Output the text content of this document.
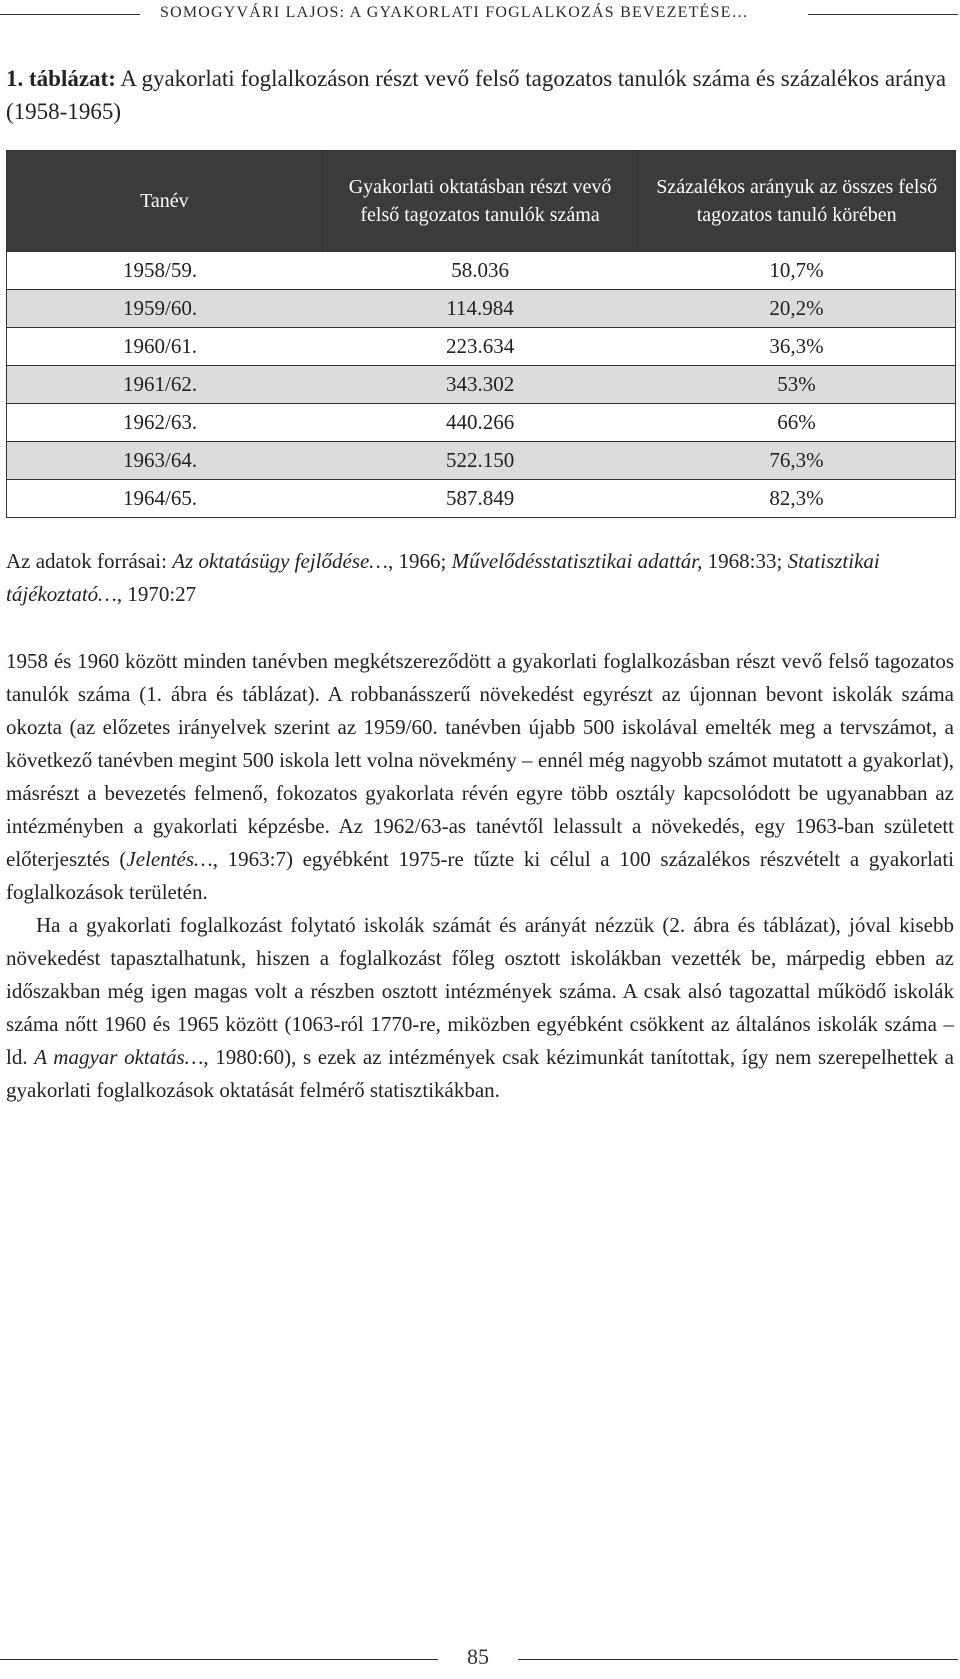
SOMOGYVÁRI LAJOS: A GYAKORLATI FOGLALKOZÁS BEVEZETÉSE…
1. táblázat: A gyakorlati foglalkozáson részt vevő felső tagozatos tanulók száma és százalékos aránya (1958-1965)
Tanév	Gyakorlati oktatásban részt vevő felső tagozatos tanulók száma	Százalékos arányuk az összes felső tagozatos tanuló körében
1958/59.	58.036	10,7%
1959/60.	114.984	20,2%
1960/61.	223.634	36,3%
1961/62.	343.302	53%
1962/63.	440.266	66%
1963/64.	522.150	76,3%
1964/65.	587.849	82,3%
Az adatok forrásai: Az oktatásügy fejlődése…, 1966; Művelődésstatisztikai adattár, 1968:33; Statisztikai tájékoztató…, 1970:27

1958 és 1960 között minden tanévben megkétszereződött a gyakorlati foglalkozásban részt vevő felső tagozatos tanulók száma (1. ábra és táblázat). A robbanásszerű növekedést egyrészt az újonnan bevont iskolák száma okozta (az előzetes irányelvek szerint az 1959/60. tanévben újabb 500 iskolával emelték meg a tervszámot, a következő tanévben megint 500 iskola lett volna növekmény – ennél még nagyobb számot mutatott a gyakorlat), másrészt a bevezetés felmenő, fokozatos gyakorlata révén egyre több osztály kapcsolódott be ugyanabban az intézményben a gyakorlati képzésbe. Az 1962/63-as tanévtől lelassult a növekedés, egy 1963-ban született előterjesztés (Jelentés…, 1963:7) egyébként 1975-re tűzte ki célul a 100 százalékos részvételt a gyakorlati foglalkozások területén.

Ha a gyakorlati foglalkozást folytató iskolák számát és arányát nézzük (2. ábra és táblázat), jóval kisebb növekedést tapasztalhatunk, hiszen a foglalkozást főleg osztott iskolákban vezették be, márpedig ebben az időszakban még igen magas volt a részben osztott intézmények száma. A csak alsó tagozattal működő iskolák száma nőtt 1960 és 1965 között (1063-ról 1770-re, miközben egyébként csökkent az általános iskolák száma – ld. A magyar oktatás…, 1980:60), s ezek az intézmények csak kézimunkát tanítottak, így nem szerepelhettek a gyakorlati foglalkozások oktatását felmérő statisztikákban.

85
